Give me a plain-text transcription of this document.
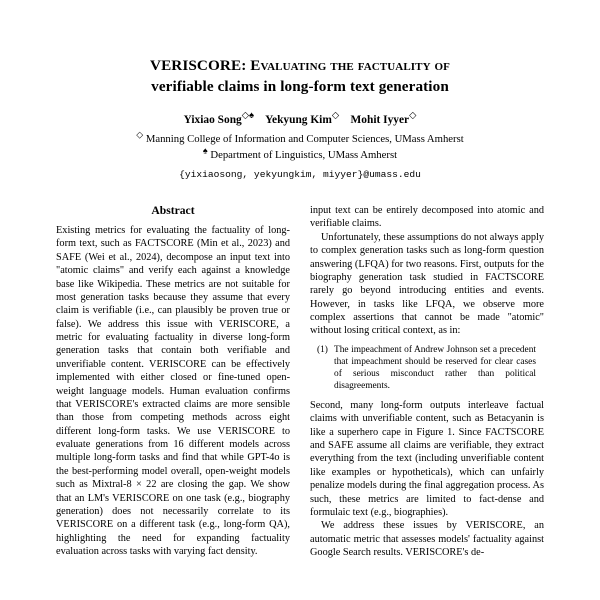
VERISCORE: Evaluating the factuality of
verifiable claims in long-form text generation
Yixiao Song◇♠ Yekyung Kim◇ Mohit Iyyer◇
◇ Manning College of Information and Computer Sciences, UMass Amherst
♠ Department of Linguistics, UMass Amherst
{yixiaosong, yekyungkim, miyyer}@umass.edu
Abstract

Existing metrics for evaluating the factuality of long-form text, such as FACTSCORE (Min et al., 2023) and SAFE (Wei et al., 2024), decompose an input text into "atomic claims" and verify each against a knowledge base like Wikipedia. These metrics are not suitable for most generation tasks because they assume that every claim is verifiable (i.e., can plausibly be proven true or false). We address this issue with VERISCORE, a metric for evaluating factuality in diverse long-form generation tasks that contain both verifiable and unverifiable content. VERISCORE can be effectively implemented with either closed or fine-tuned open-weight language models. Human evaluation confirms that VERISCORE's extracted claims are more sensible than those from competing methods across eight different long-form tasks. We use VERISCORE to evaluate generations from 16 different models across multiple long-form tasks and find that while GPT-4o is the best-performing model overall, open-weight models such as Mixtral-8 × 22 are closing the gap. We show that an LM's VERISCORE on one task (e.g., biography generation) does not necessarily correlate to its VERISCORE on a different task (e.g., long-form QA), highlighting the need for expanding factuality evaluation across tasks with varying fact density.

input text can be entirely decomposed into atomic and verifiable claims.

Unfortunately, these assumptions do not always apply to complex generation tasks such as long-form question answering (LFQA) for two reasons. First, outputs for the biography generation task studied in FACTSCORE rarely go beyond introducing entities and events. However, in tasks like LFQA, we observe more complex assertions that cannot be made "atomic" without losing critical context, as in:

(1) The impeachment of Andrew Johnson set a precedent that impeachment should be reserved for clear cases of serious misconduct rather than political disagreements.

Second, many long-form outputs interleave factual claims with unverifiable content, such as Betacyanin is like a superhero cape in Figure 1. Since FACTSCORE and SAFE assume all claims are verifiable, they extract everything from the text (including unverifiable content like examples or hypotheticals), which can unfairly penalize models during the final aggregation process. As such, these metrics are limited to fact-dense and formulaic text (e.g., biographies).

We address these issues by VERISCORE, an automatic metric that assesses models' factuality against Google Search results. VERISCORE's de-
